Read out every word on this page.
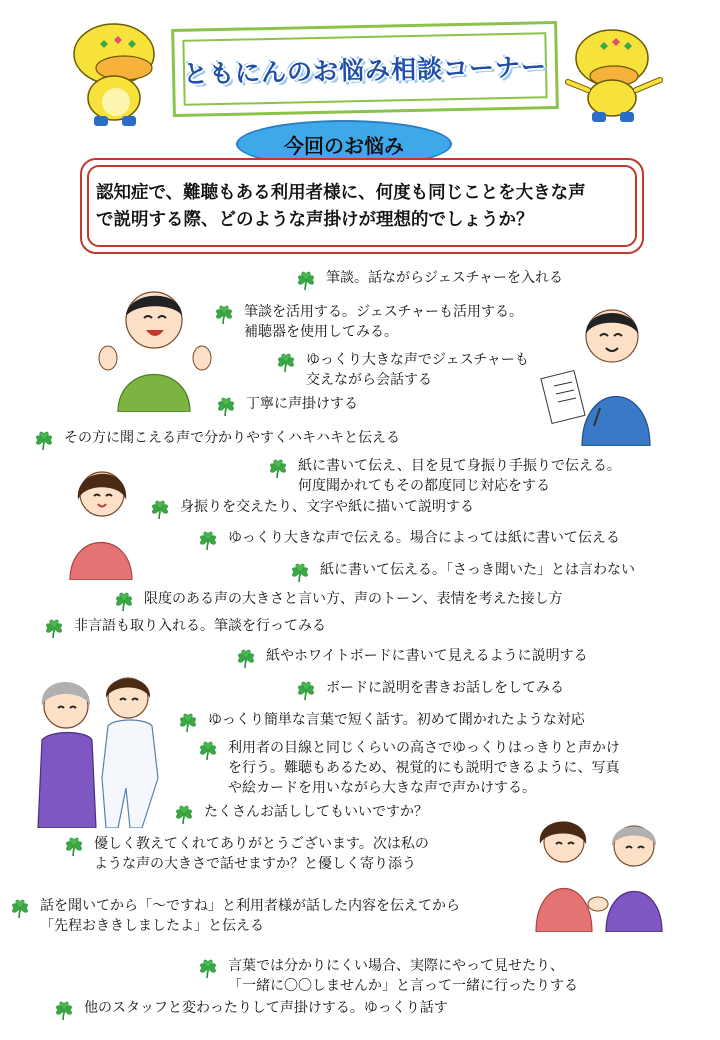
ともにんのお悩み相談コーナー
今回のお悩み
認知症で、難聴もある利用者様に、何度も同じことを大きな声
で説明する際、どのような声掛けが理想的でしょうか？
筆談。話ながらジェスチャーを入れる
筆談を活用する。ジェスチャーも活用する。
補聴器を使用してみる。
ゆっくり大きな声でジェスチャーも
交えながら会話する
丁寧に声掛けする
その方に聞こえる声で分かりやすくハキハキと伝える
紙に書いて伝え、目を見て身振り手振りで伝える。
何度聞かれてもその都度同じ対応をする
身振りを交えたり、文字や紙に描いて説明する
ゆっくり大きな声で伝える。場合によっては紙に書いて伝える
紙に書いて伝える。「さっき聞いた」とは言わない
限度のある声の大きさと言い方、声のトーン、表情を考えた接し方
非言語も取り入れる。筆談を行ってみる
紙やホワイトボードに書いて見えるように説明する
ボードに説明を書きお話しをしてみる
ゆっくり簡単な言葉で短く話す。初めて聞かれたような対応
利用者の目線と同じくらいの高さでゆっくりはっきりと声かけ
を行う。難聴もあるため、視覚的にも説明できるように、写真
や絵カードを用いながら大きな声で声かけする。
たくさんお話ししてもいいですか？
優しく教えてくれてありがとうございます。次は私の
ような声の大きさで話せますか？と優しく寄り添う
話を聞いてから「～ですね」と利用者様が話した内容を伝えてから
「先程おききしましたよ」と伝える
言葉では分かりにくい場合、実際にやって見せたり、
「一緒に〇〇しませんか」と言って一緒に行ったりする
他のスタッフと変わったりして声掛けする。ゆっくり話す
